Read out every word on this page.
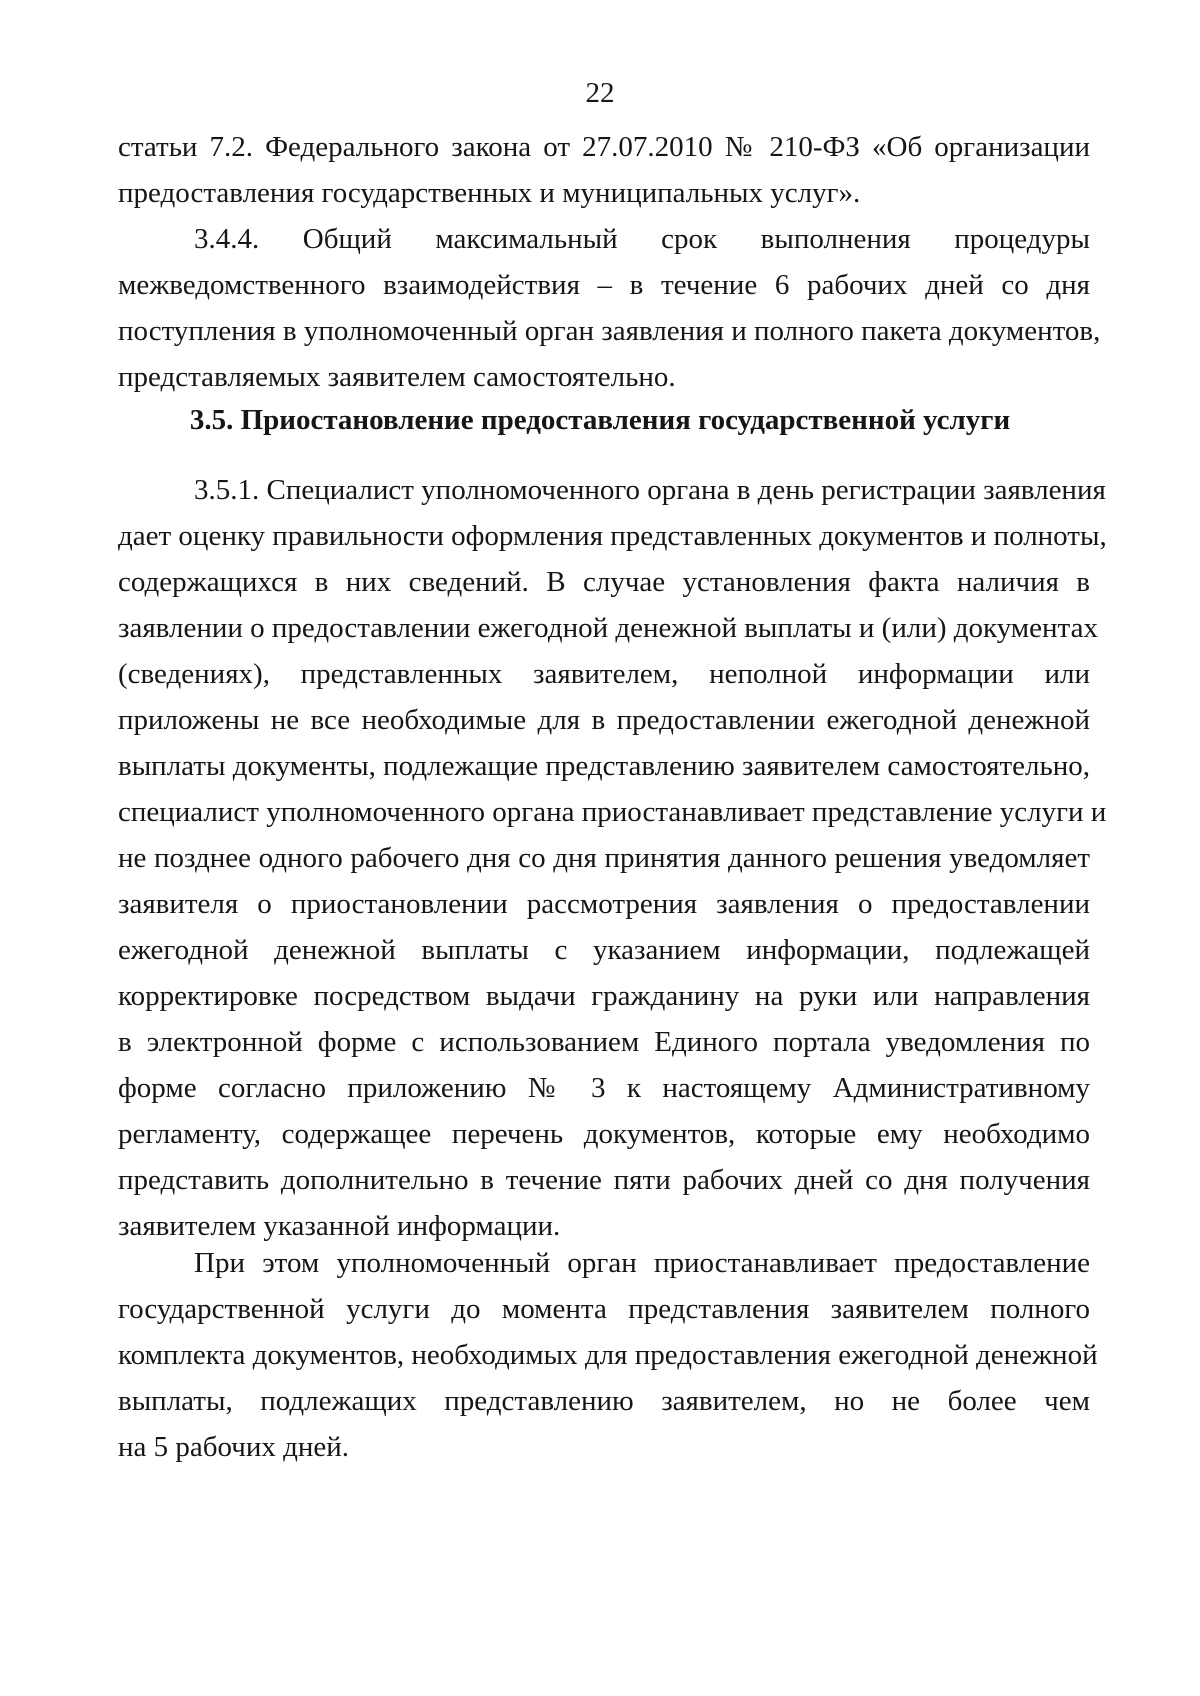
22
статьи 7.2. Федерального закона от 27.07.2010 № 210-ФЗ «Об организации
предоставления государственных и муниципальных услуг».
3.4.4. Общий максимальный срок выполнения процедуры
межведомственного взаимодействия – в течение 6 рабочих дней со дня
поступления в уполномоченный орган заявления и полного пакета документов,
представляемых заявителем самостоятельно.
3.5. Приостановление предоставления государственной услуги
3.5.1. Специалист уполномоченного органа в день регистрации заявления
дает оценку правильности оформления представленных документов и полноты,
содержащихся в них сведений. В случае установления факта наличия в
заявлении о предоставлении ежегодной денежной выплаты и (или) документах
(сведениях), представленных заявителем, неполной информации или
приложены не все необходимые для в предоставлении ежегодной денежной
выплаты документы, подлежащие представлению заявителем самостоятельно,
специалист уполномоченного органа приостанавливает представление услуги и
не позднее одного рабочего дня со дня принятия данного решения уведомляет
заявителя о приостановлении рассмотрения заявления о предоставлении
ежегодной денежной выплаты с указанием информации, подлежащей
корректировке посредством выдачи гражданину на руки или направления
в электронной форме с использованием Единого портала уведомления по
форме согласно приложению № 3 к настоящему Административному
регламенту, содержащее перечень документов, которые ему необходимо
представить дополнительно в течение пяти рабочих дней со дня получения
заявителем указанной информации.
При этом уполномоченный орган приостанавливает предоставление
государственной услуги до момента представления заявителем полного
комплекта документов, необходимых для предоставления ежегодной денежной
выплаты, подлежащих представлению заявителем, но не более чем
на 5 рабочих дней.
